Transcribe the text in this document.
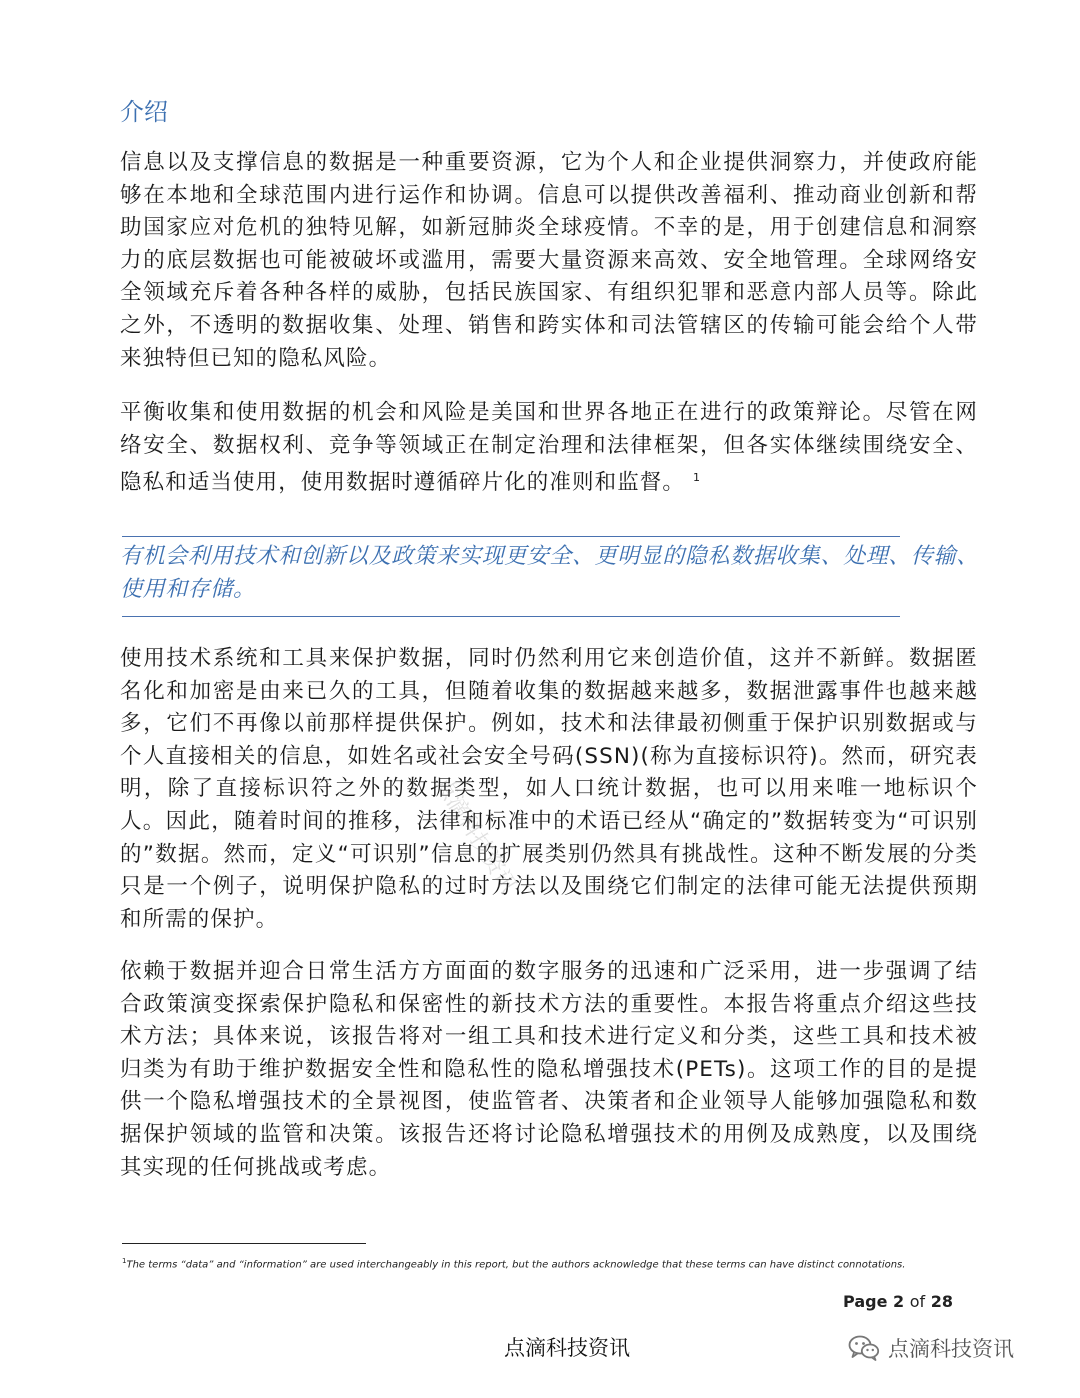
介绍

信息以及支撑信息的数据是一种重要资源，它为个人和企业提供洞察力，并使政府能够在本地和全球范围内进行运作和协调。信息可以提供改善福利、推动商业创新和帮助国家应对危机的独特见解，如新冠肺炎全球疫情。不幸的是，用于创建信息和洞察力的底层数据也可能被破坏或滥用，需要大量资源来高效、安全地管理。全球网络安全领域充斥着各种各样的威胁，包括民族国家、有组织犯罪和恶意内部人员等。除此之外，不透明的数据收集、处理、销售和跨实体和司法管辖区的传输可能会给个人带来独特但已知的隐私风险。

平衡收集和使用数据的机会和风险是美国和世界各地正在进行的政策辩论。尽管在网络安全、数据权利、竞争等领域正在制定治理和法律框架，但各实体继续围绕安全、隐私和适当使用，使用数据时遵循碎片化的准则和监督。 $^1$

有机会利用技术和创新以及政策来实现更安全、更明显的隐私数据收集、处理、传输、使用和存储。

使用技术系统和工具来保护数据，同时仍然利用它来创造价值，这并不新鲜。数据匿名化和加密是由来已久的工具，但随着收集的数据越来越多，数据泄露事件也越来越多，它们不再像以前那样提供保护。例如，技术和法律最初侧重于保护识别数据或与个人直接相关的信息，如姓名或社会安全号码(SSN)(称为直接标识符)。然而，研究表明，除了直接标识符之外的数据类型，如人口统计数据，也可以用来唯一地标识个人。因此，随着时间的推移，法律和标准中的术语已经从“确定的”数据转变为“可识别的”数据。然而，定义“可识别”信息的扩展类别仍然具有挑战性。这种不断发展的分类只是一个例子，说明保护隐私的过时方法以及围绕它们制定的法律可能无法提供预期和所需的保护。

点滴科技资讯

依赖于数据并迎合日常生活方方面面的数字服务的迅速和广泛采用，进一步强调了结合政策演变探索保护隐私和保密性的新技术方法的重要性。本报告将重点介绍这些技术方法；具体来说，该报告将对一组工具和技术进行定义和分类，这些工具和技术被归类为有助于维护数据安全性和隐私性的隐私增强技术(PETs)。这项工作的目的是提供一个隐私增强技术的全景视图，使监管者、决策者和企业领导人能够加强隐私和数据保护领域的监管和决策。该报告还将讨论隐私增强技术的用例及成熟度，以及围绕其实现的任何挑战或考虑。

$^1$The terms “data” and “information” are used interchangeably in this report, but the authors acknowledge that these terms can have distinct connotations.

Page 2 of 28
点滴科技资讯	点滴科技资讯
